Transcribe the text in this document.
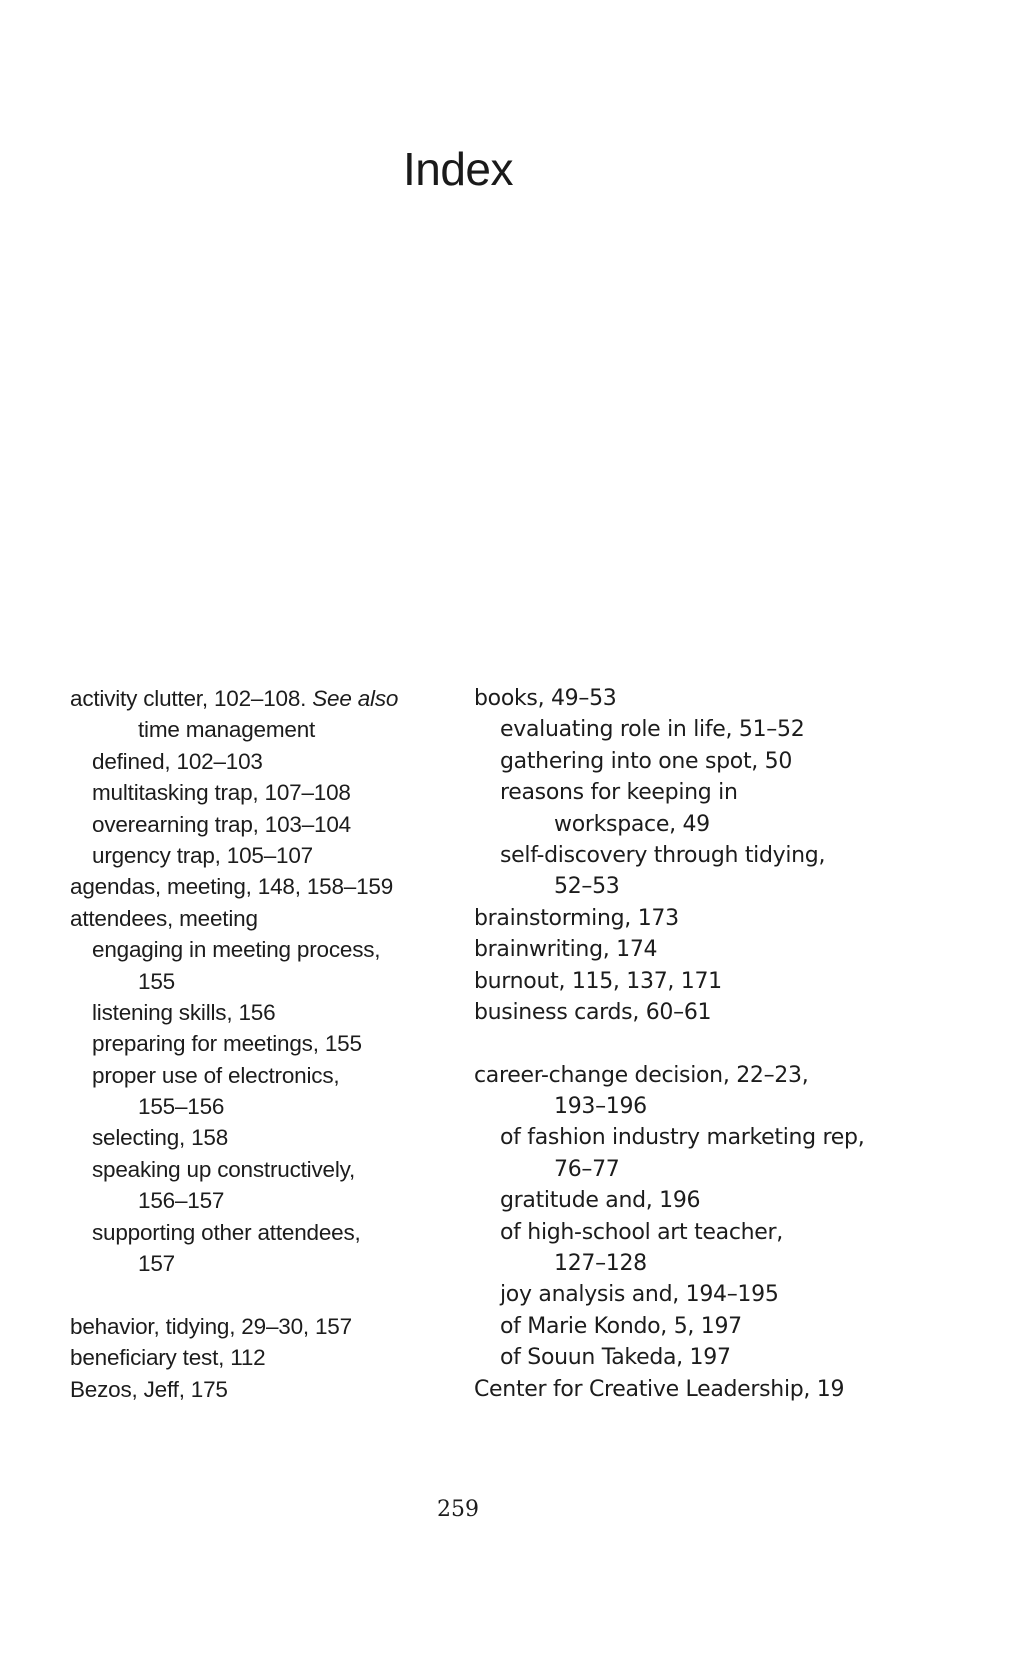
Index
activity clutter, 102–108. See also
time management
defined, 102–103
multitasking trap, 107–108
overearning trap, 103–104
urgency trap, 105–107
agendas, meeting, 148, 158–159
attendees, meeting
engaging in meeting process,
155
listening skills, 156
preparing for meetings, 155
proper use of electronics,
155–156
selecting, 158
speaking up constructively,
156–157
supporting other attendees,
157
behavior, tidying, 29–30, 157
beneficiary test, 112
Bezos, Jeff, 175
books, 49–53
evaluating role in life, 51–52
gathering into one spot, 50
reasons for keeping in
workspace, 49
self-discovery through tidying,
52–53
brainstorming, 173
brainwriting, 174
burnout, 115, 137, 171
business cards, 60–61
career-change decision, 22–23,
193–196
of fashion industry marketing rep,
76–77
gratitude and, 196
of high-school art teacher,
127–128
joy analysis and, 194–195
of Marie Kondo, 5, 197
of Souun Takeda, 197
Center for Creative Leadership, 19
259
